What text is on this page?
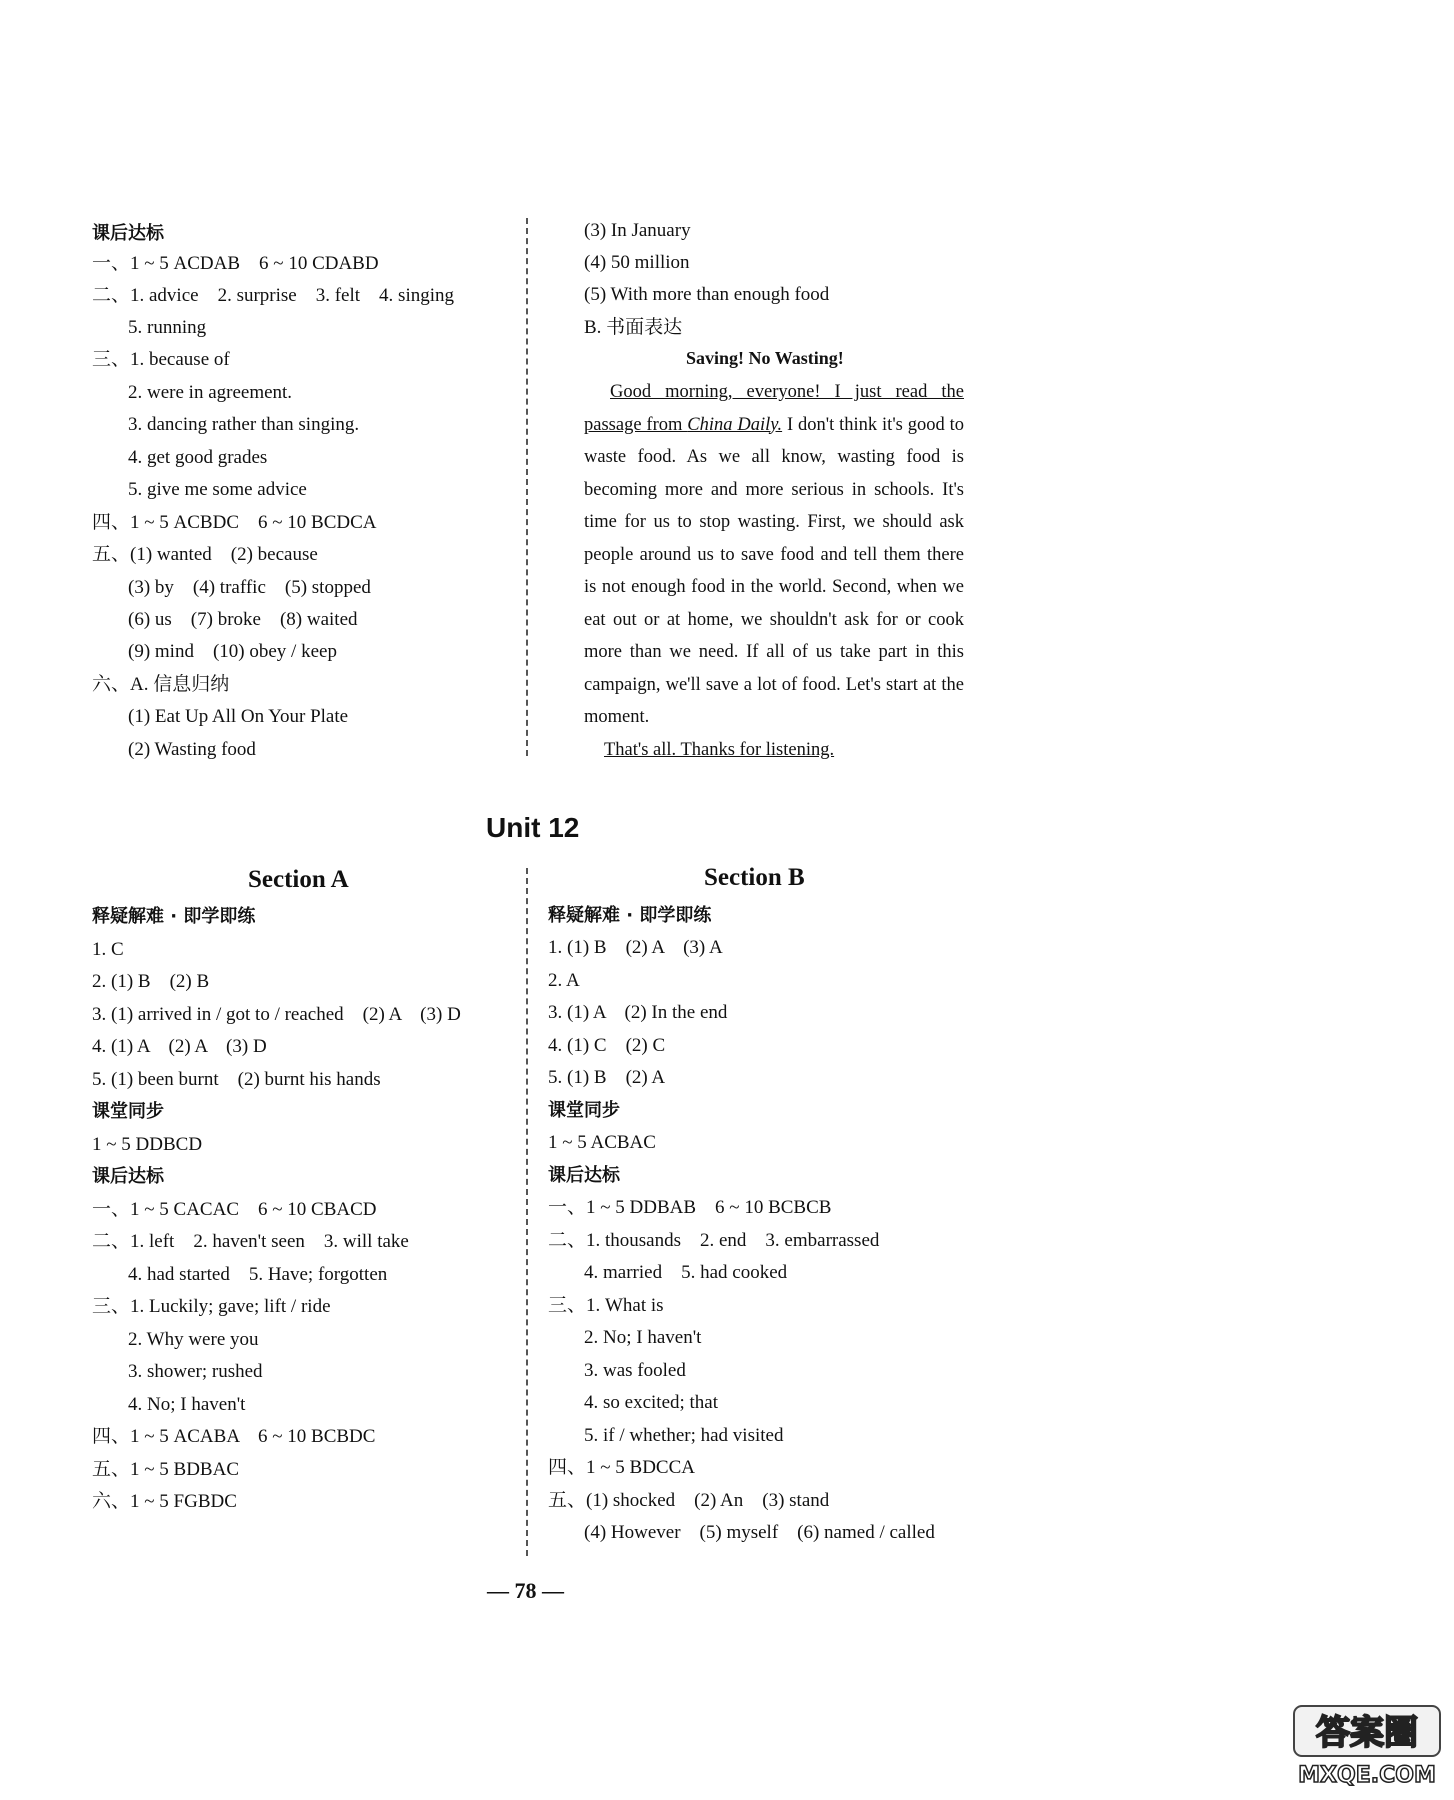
课后达标
一、1 ~ 5 ACDAB　6 ~ 10 CDABD
二、1. advice　2. surprise　3. felt　4. singing
5. running
三、1. because of
2. were in agreement.
3. dancing rather than singing.
4. get good grades
5. give me some advice
四、1 ~ 5 ACBDC　6 ~ 10 BCDCA
五、(1) wanted　(2) because
(3) by　(4) traffic　(5) stopped
(6) us　(7) broke　(8) waited
(9) mind　(10) obey / keep
六、A. 信息归纳
(1) Eat Up All On Your Plate
(2) Wasting food
(3) In January
(4) 50 million
(5) With more than enough food
B. 书面表达
Saving! No Wasting!

Good morning, everyone! I just read the passage from China Daily. I don't think it's good to waste food. As we all know, wasting food is becoming more and more serious in schools. It's time for us to stop wasting. First, we should ask people around us to save food and tell them there is not enough food in the world. Second, when we eat out or at home, we shouldn't ask for or cook more than we need. If all of us take part in this campaign, we'll save a lot of food. Let's start at the moment.

That's all. Thanks for listening.

Unit 12
Section A
释疑解难 · 即学即练
1. C
2. (1) B　(2) B
3. (1) arrived in / got to / reached　(2) A　(3) D
4. (1) A　(2) A　(3) D
5. (1) been burnt　(2) burnt his hands
课堂同步
1 ~ 5 DDBCD
课后达标
一、1 ~ 5 CACAC　6 ~ 10 CBACD
二、1. left　2. haven't seen　3. will take
4. had started　5. Have; forgotten
三、1. Luckily; gave; lift / ride
2. Why were you
3. shower; rushed
4. No; I haven't
四、1 ~ 5 ACABA　6 ~ 10 BCBDC
五、1 ~ 5 BDBAC
六、1 ~ 5 FGBDC
Section B
释疑解难 · 即学即练
1. (1) B　(2) A　(3) A
2. A
3. (1) A　(2) In the end
4. (1) C　(2) C
5. (1) B　(2) A
课堂同步
1 ~ 5 ACBAC
课后达标
一、1 ~ 5 DDBAB　6 ~ 10 BCBCB
二、1. thousands　2. end　3. embarrassed
4. married　5. had cooked
三、1. What is
2. No; I haven't
3. was fooled
4. so excited; that
5. if / whether; had visited
四、1 ~ 5 BDCCA
五、(1) shocked　(2) An　(3) stand
(4) However　(5) myself　(6) named / called
— 78 —
答案圈
MXQE.COM
